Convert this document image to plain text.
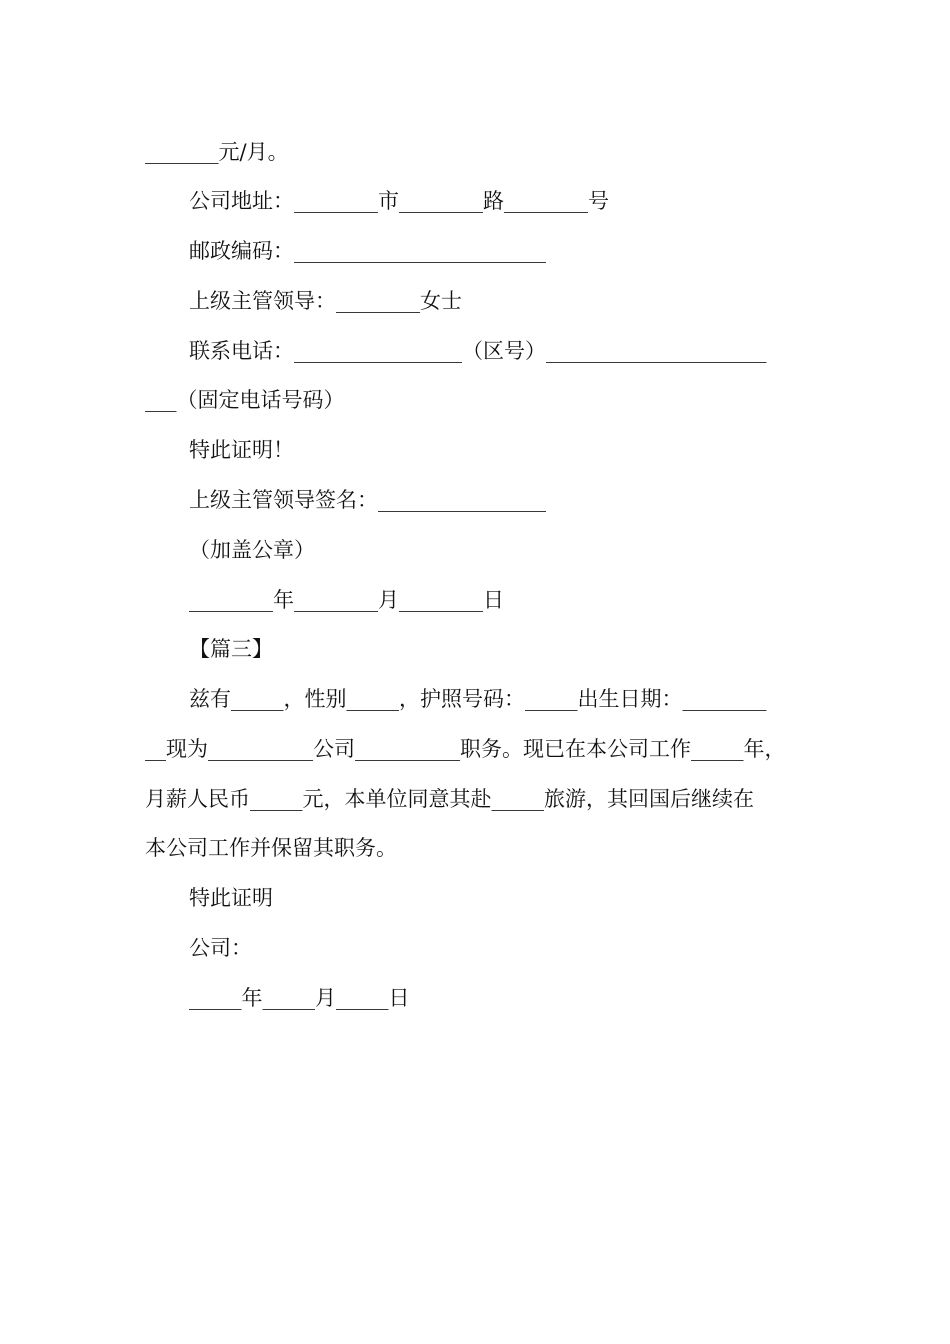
_______元/月。
公司地址：________市________路________号
邮政编码：________________________
上级主管领导：________女士
联系电话：________________（区号）_____________________
___（固定电话号码）
特此证明！
上级主管领导签名：________________
（加盖公章）
________年________月________日
【篇三】
兹有_____，性别_____，护照号码：_____出生日期：________
__现为__________公司__________职务。现已在本公司工作_____年，
月薪人民币_____元，本单位同意其赴_____旅游，其回国后继续在
本公司工作并保留其职务。
特此证明
公司：
_____年_____月_____日
